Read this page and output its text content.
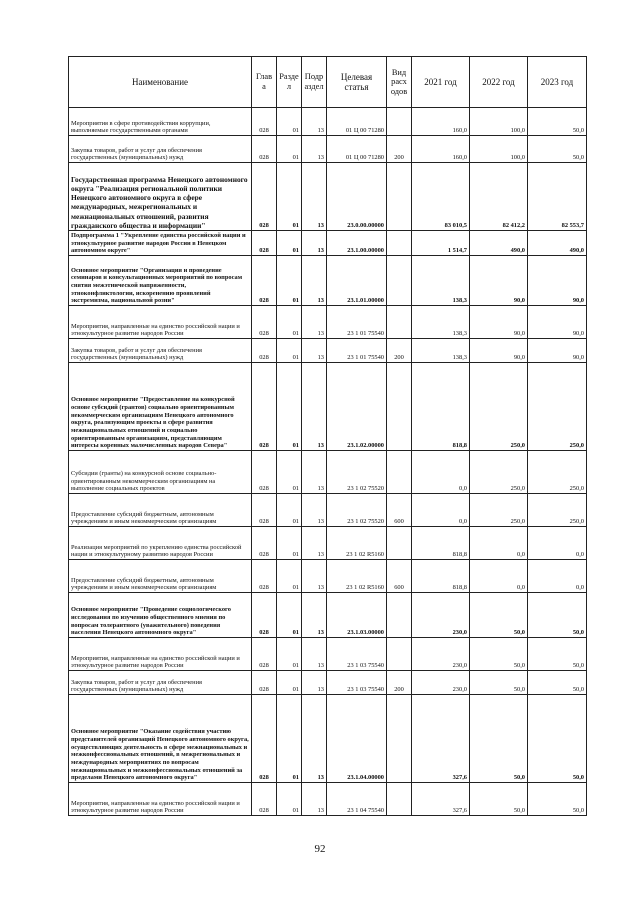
Наименование	Глав а	Разде л	Подр аздел	Целевая статья	Вид расх одов	2021 год	2022 год	2023 год
Мероприятия в сфере противодействия коррупции, выполняемые государственными органами	028	01	13	01 Ц 00 71280		160,0	100,0	50,0
Закупка товаров, работ и услуг для обеспечения государственных (муниципальных) нужд	028	01	13	01 Ц 00 71280	200	160,0	100,0	50,0
Государственная программа Ненецкого автономного округа "Реализация региональной политики Ненецкого автономного округа в сфере международных, межрегиональных и межнациональных отношений, развития гражданского общества и информации"	028	01	13	23.0.00.00000		83 010,5	82 412,2	82 553,7
Подпрограмма 1 "Укрепление единства российской нации и этнокультурное развитие народов России в Ненецком автономном округе"	028	01	13	23.1.00.00000		1 514,7	490,0	490,0
Основное мероприятие "Организация и проведение семинаров и консультационных мероприятий по вопросам снятия межэтнической напряженности, этноконфликтологии, искоренению проявлений экстремизма, национальной розни"	028	01	13	23.1.01.00000		138,3	90,0	90,0
Мероприятия, направленные на единство российской нации и этнокультурное развитие народов России	028	01	13	23 1 01 75540		138,3	90,0	90,0
Закупка товаров, работ и услуг для обеспечения государственных (муниципальных) нужд	028	01	13	23 1 01 75540	200	138,3	90,0	90,0
Основное мероприятие "Предоставление на конкурсной основе субсидий (грантов) социально ориентированным некоммерческим организациям Ненецкого автономного округа, реализующим проекты в сфере развития межнациональных отношений и социально ориентированным организациям, представляющим интересы коренных малочисленных народов Севера"	028	01	13	23.1.02.00000		818,8	250,0	250,0
Субсидии (гранты) на конкурсной основе социально-ориентированным некоммерческим организациям на выполнение социальных проектов	028	01	13	23 1 02 75520		0,0	250,0	250,0
Предоставление субсидий бюджетным, автономным учреждениям и иным некоммерческим организациям	028	01	13	23 1 02 75520	600	0,0	250,0	250,0
Реализация мероприятий по укреплению единства российской нации и этнокультурному развитию народов России	028	01	13	23 1 02 R5160		818,8	0,0	0,0
Предоставление субсидий бюджетным, автономным учреждениям и иным некоммерческим организациям	028	01	13	23 1 02 R5160	600	818,8	0,0	0,0
Основное мероприятие "Проведение социологического исследования по изучению общественного мнения по вопросам толерантного (уважительного) поведения населения Ненецкого автономного округа"	028	01	13	23.1.03.00000		230,0	50,0	50,0
Мероприятия, направленные на единство российской нации и этнокультурное развитие народов России	028	01	13	23 1 03 75540		230,0	50,0	50,0
Закупка товаров, работ и услуг для обеспечения государственных (муниципальных) нужд	028	01	13	23 1 03 75540	200	230,0	50,0	50,0
Основное мероприятие "Оказание содействия участию представителей организаций Ненецкого автономного округа, осуществляющих деятельность в сфере межнациональных и межконфессиональных отношений, в межрегиональных и международных мероприятиях по вопросам межнациональных и межконфессиональных отношений за пределами Ненецкого автономного округа"	028	01	13	23.1.04.00000		327,6	50,0	50,0
Мероприятия, направленные на единство российской нации и этнокультурное развитие народов России	028	01	13	23 1 04 75540		327,6	50,0	50,0
92
